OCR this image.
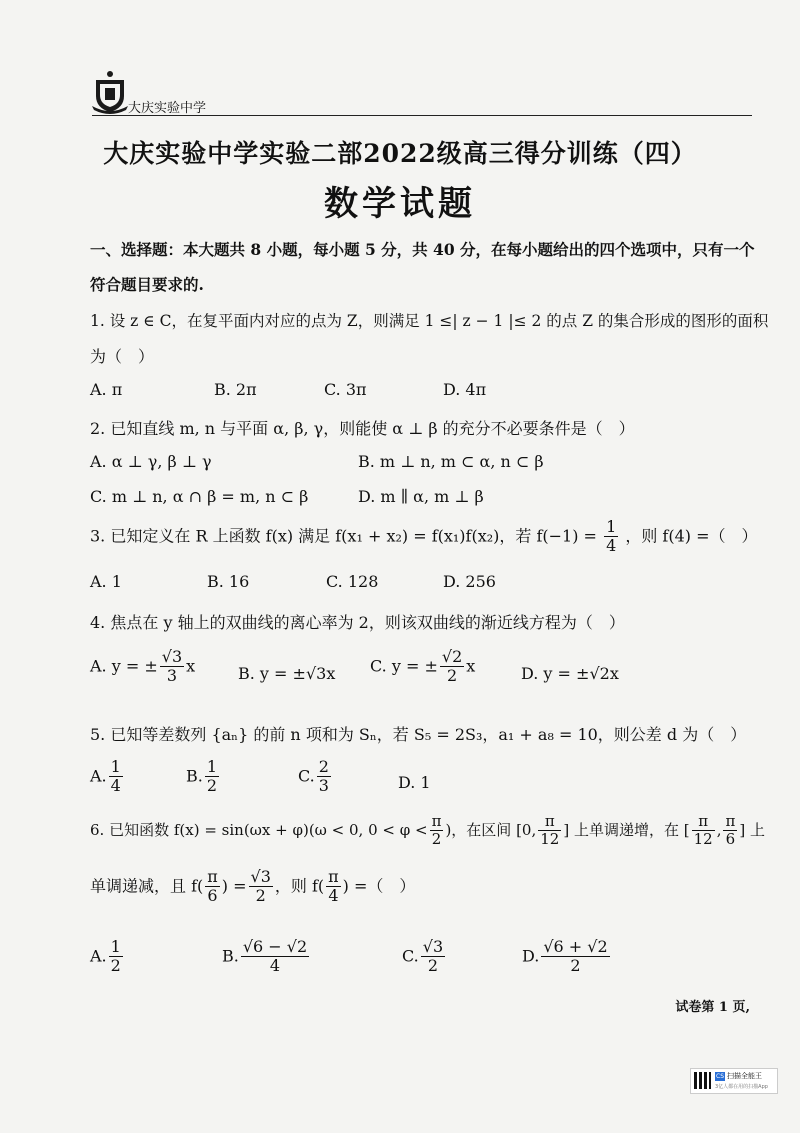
大庆实验中学
大庆实验中学实验二部2022级高三得分训练（四）
数学试题
一、选择题：本大题共 8 小题，每小题 5 分，共 40 分，在每小题给出的四个选项中，只有一个
符合题目要求的.
1. 设 z ∈ C，在复平面内对应的点为 Z，则满足 1 ≤| z − 1 |≤ 2 的点 Z 的集合形成的图形的面积
为（　）
A. π	B. 2π	C. 3π	D. 4π
2. 已知直线 m, n 与平面 α, β, γ，则能使 α ⊥ β 的充分不必要条件是（　）
A. α ⊥ γ, β ⊥ γ	B. m ⊥ n, m ⊂ α, n ⊂ β
C. m ⊥ n, α ∩ β = m, n ⊂ β	D. m ∥ α, m ⊥ β
3. 已知定义在 R 上函数 f(x) 满足 f(x₁ + x₂) = f(x₁)f(x₂)，若 $f(-1) = \frac{1}{4}$ ，则 f(4) =（　）
A. 1	B. 16	C. 128	D. 256
4. 焦点在 y 轴上的双曲线的离心率为 2，则该双曲线的渐近线方程为（　）
A. y = ± $\frac{√3}{3}$ x	B. y = ±√3x C. y = ± $\frac{√2}{2}$ x	D. y = ±√2x
5. 已知等差数列 {aₙ} 的前 n 项和为 Sₙ，若 S₅ = 2S₃，a₁ + a₈ = 10，则公差 d 为（　）
A. $\frac{1}{4}$	B. $\frac{1}{2}$	C. $\frac{2}{3}$	D. 1
6. 已知函数 f(x) = sin(ωx + φ)(ω < 0, $0 < \varphi < \frac{\pi}{2}$ )，在区间 [0, $\frac{\pi}{12}$ ] 上单调递增，在 [ $\frac{\pi}{12}$ , $\frac{\pi}{6}$ ] 上
单调递减，且 $f( \frac{\pi}{6}$ ) = $\frac{√3}{2}$ ，则 $f( \frac{\pi}{4}$ ) =（　）
A. $\frac{1}{2}$	B. $\frac{√6 - √2}{4}$	C. $\frac{√3}{2}$	D. $\frac{√6 + √2}{2}$
试卷第 1 页,
CS 扫描全能王
3亿人都在用的扫描App
